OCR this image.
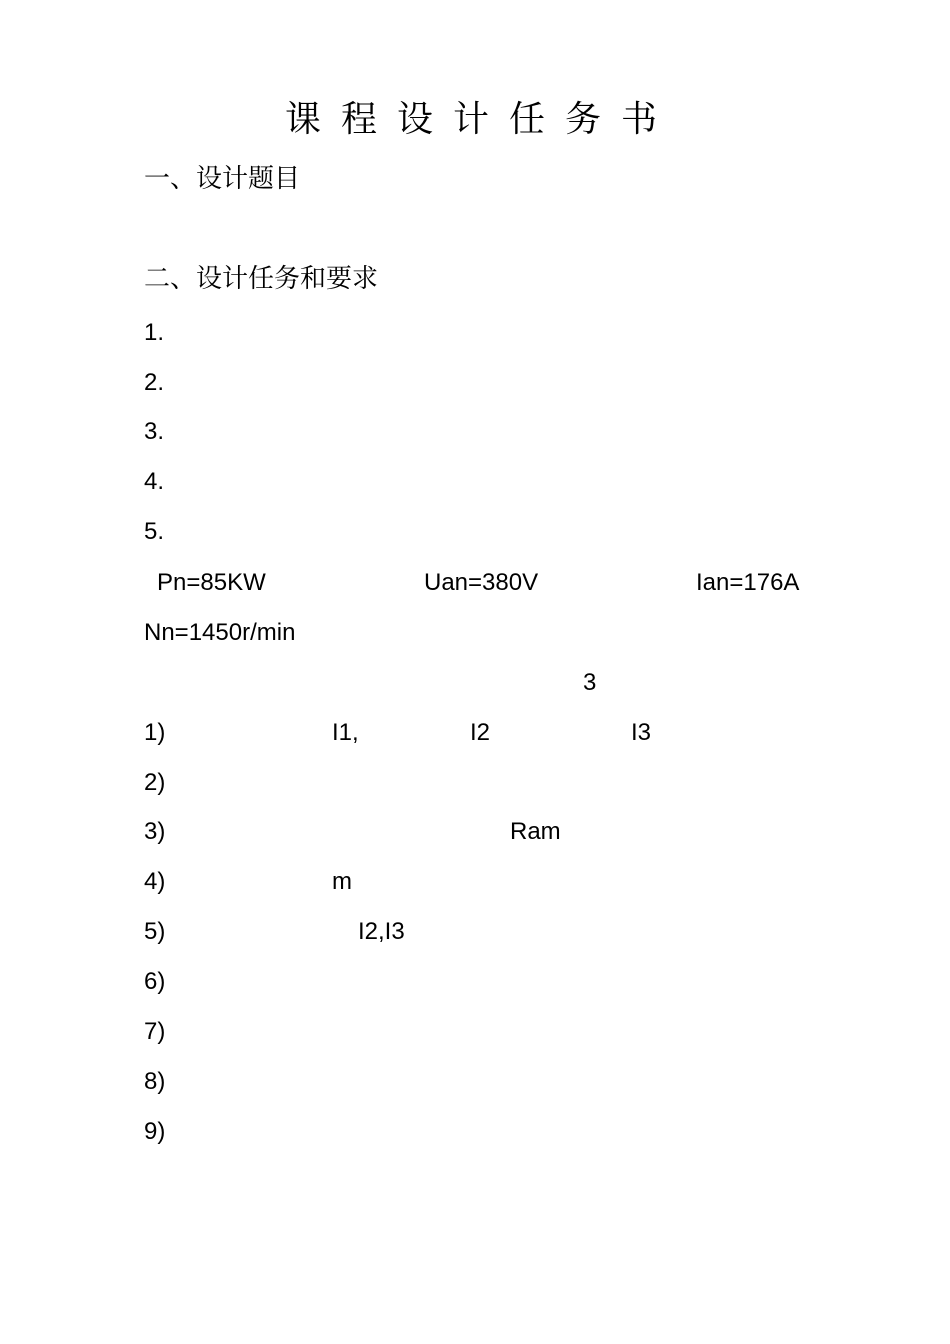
课程设计任务书
一、设计题目
二、设计任务和要求
1.
2.
3.
4.
5.
Pn=85KW	Uan=380V	Ian=176A
Nn=1450r/min
3
1)	I1,	I2	I3
2)
3)	Ram
4)	m
5)	I2,I3
6)
7)
8)
9)
